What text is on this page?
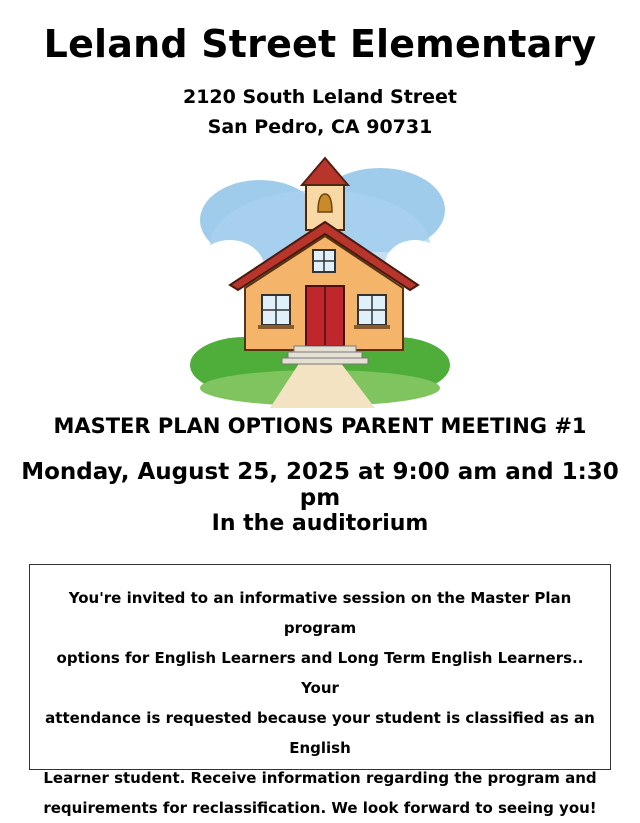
Leland Street Elementary
2120 South Leland Street
San Pedro, CA 90731
MASTER PLAN OPTIONS PARENT MEETING #1
Monday, August 25, 2025 at 9:00 am and 1:30 pm
In the auditorium
You're invited to an informative session on the Master Plan program
options for English Learners and Long Term English Learners.. Your
attendance is requested because your student is classified as an English
Learner student. Receive information regarding the program and
requirements for reclassification. We look forward to seeing you!
